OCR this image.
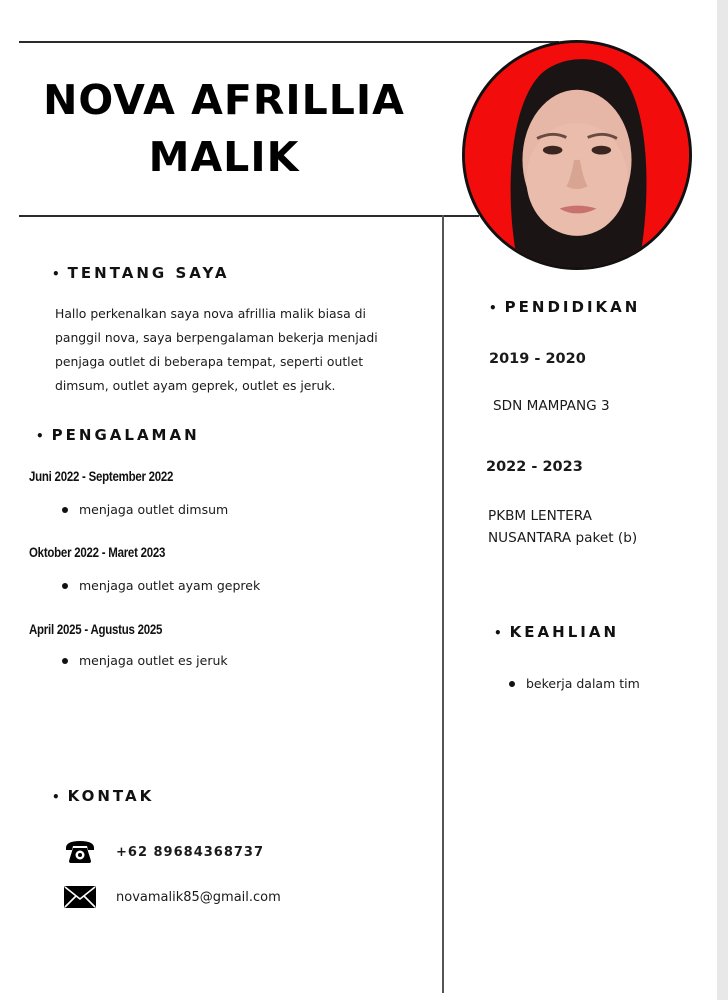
NOVA AFRILLIA
MALIK
• TENTANG SAYA

Hallo perkenalkan saya nova afrillia malik biasa di panggil nova, saya berpengalaman bekerja menjadi penjaga outlet di beberapa tempat, seperti outlet dimsum, outlet ayam geprek, outlet es jeruk.

• PENGALAMAN
Juni 2022 - September 2022
menjaga outlet dimsum
Oktober 2022 - Maret 2023
menjaga outlet ayam geprek
April 2025 - Agustus 2025
menjaga outlet es jeruk
• KONTAK
+62 89684368737
novamalik85@gmail.com
• PENDIDIKAN
2019 - 2020
SDN MAMPANG 3
2022 - 2023
PKBM LENTERA
NUSANTARA paket (b)
• KEAHLIAN
bekerja dalam tim
